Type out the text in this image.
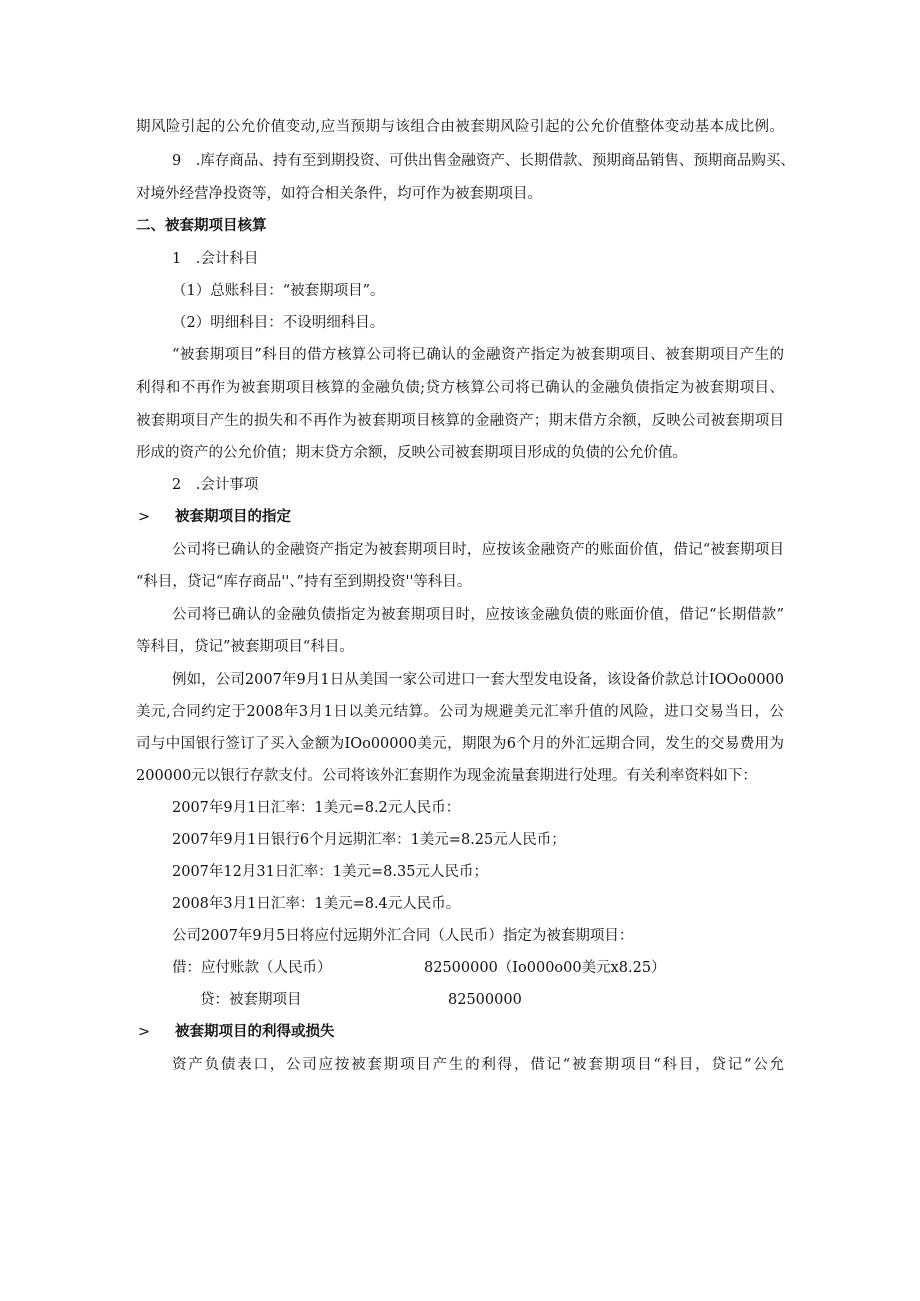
期风险引起的公允价值变动,应当预期与该组合由被套期风险引起的公允价值整体变动基本成比例。
9　.库存商品、持有至到期投资、可供出售金融资产、长期借款、预期商品销售、预期商品购买、
对境外经营净投资等，如符合相关条件，均可作为被套期项目。
二、被套期项目核算
1　.会计科目
（1）总账科目：“被套期项目”。
（2）明细科目：不设明细科目。
“被套期项目”科目的借方核算公司将已确认的金融资产指定为被套期项目、被套期项目产生的
利得和不再作为被套期项目核算的金融负债;贷方核算公司将已确认的金融负债指定为被套期项目、
被套期项目产生的损失和不再作为被套期项目核算的金融资产；期末借方余额，反映公司被套期项目
形成的资产的公允价值；期末贷方余额，反映公司被套期项目形成的负债的公允价值。
2　.会计事项
> 被套期项目的指定
公司将已确认的金融资产指定为被套期项目时，应按该金融资产的账面价值，借记“被套期项目
“科目，贷记“库存商品''、”持有至到期投资''等科目。
公司将已确认的金融负债指定为被套期项目时，应按该金融负债的账面价值，借记“长期借款”
等科目，贷记”被套期项目“科目。
例如，公司2007年9月1日从美国一家公司进口一套大型发电设备，该设备价款总计IOOo0000
美元,合同约定于2008年3月1日以美元结算。公司为规避美元汇率升值的风险，进口交易当日，公
司与中国银行签订了买入金额为IOo00000美元，期限为6个月的外汇远期合同，发生的交易费用为
200000元以银行存款支付。公司将该外汇套期作为现金流量套期进行处理。有关利率资料如下：
2007年9月1日汇率：1美元=8.2元人民币：
2007年9月1日银行6个月远期汇率：1美元=8.25元人民币；
2007年12月31日汇率：1美元=8.35元人民币；
2008年3月1日汇率：1美元=8.4元人民币。
公司2007年9月5日将应付远期外汇合同（人民币）指定为被套期项目：
借：应付账款（人民币）	82500000（Io000o00美元x8.25）
贷：被套期项目	82500000
> 被套期项目的利得或损失
资产负债表口，公司应按被套期项目产生的利得，借记“被套期项目“科目，贷记“公允
